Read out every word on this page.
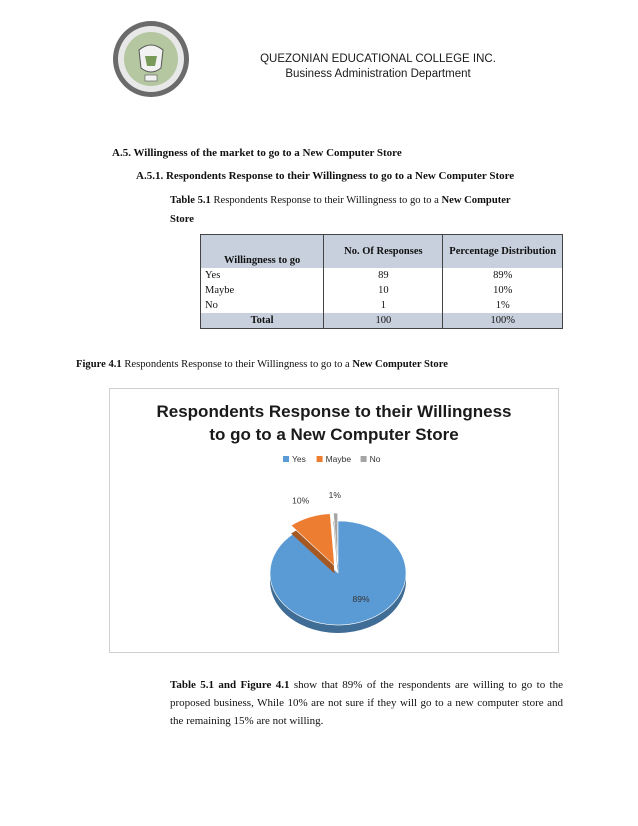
QUEZONIAN EDUCATIONAL COLLEGE INC.
Business Administration Department
A.5. Willingness of the market to go to a New Computer Store
A.5.1. Respondents Response to their Willingness to go to a New Computer Store
Table 5.1 Respondents Response to their Willingness to go to a New Computer
Store
Willingness to go	No. Of Responses	Percentage Distribution
Yes	89	89%
Maybe	10	10%
No	1	1%
Total	100	100%
Figure 4.1 Respondents Response to their Willingness to go to a New Computer Store
Respondents Response to their Willingness
to go to a New Computer Store
Yes Maybe No
89%
10%
1%
Table 5.1 and Figure 4.1 show that 89% of the respondents are willing to go to the proposed business, While 10% are not sure if they will go to a new computer store and the remaining 15% are not willing.
